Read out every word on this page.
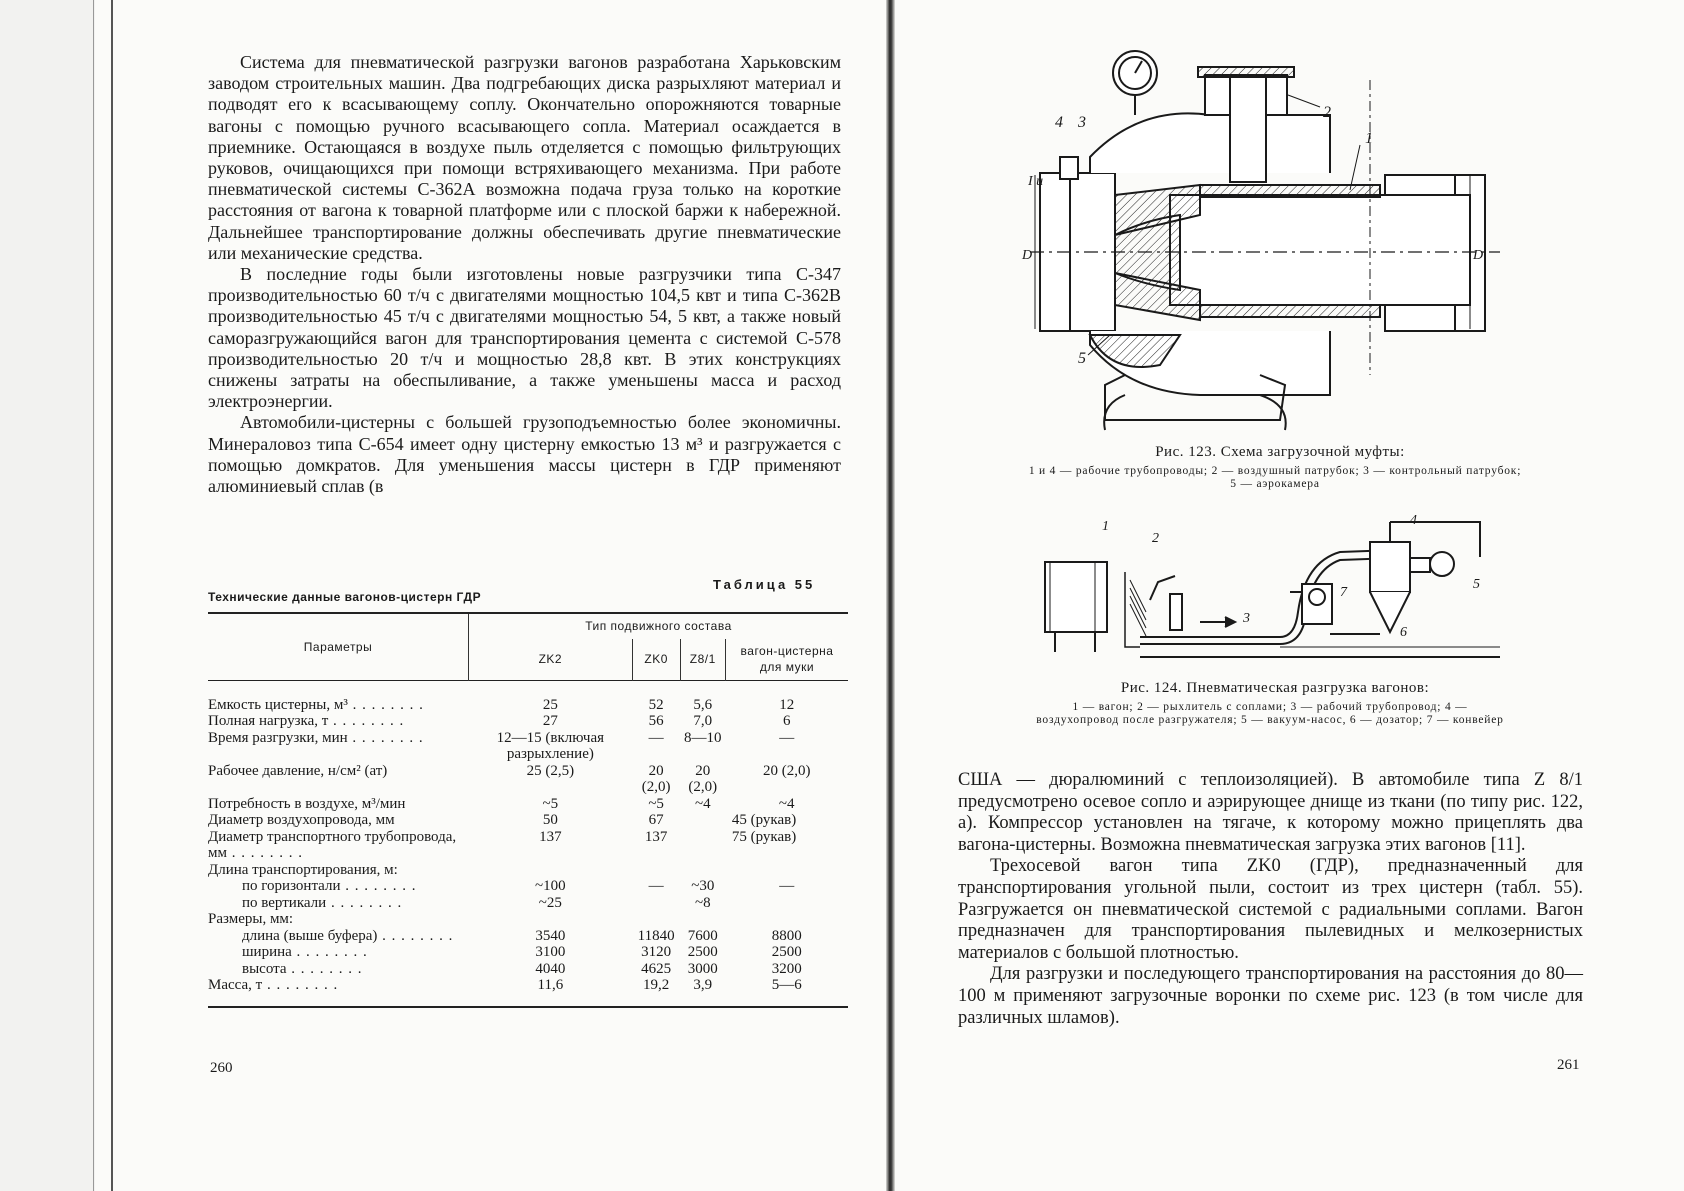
Система для пневматической разгрузки вагонов разработана Харьковским заводом строительных машин. Два подгребающих диска разрыхляют материал и подводят его к всасывающему соплу. Окончательно опорожняются товарные вагоны с помощью ручного всасывающего сопла. Материал осаждается в приемнике. Остающаяся в воздухе пыль отделяется с помощью фильтрующих руковов, очищающихся при помощи встряхивающего механизма. При работе пневматической системы С-362А возможна подача груза только на короткие расстояния от вагона к товарной платформе или с плоской баржи к набережной. Дальнейшее транспортирование должны обеспечивать другие пневматические или механические средства.

В последние годы были изготовлены новые разгрузчики типа С-347 производительностью 60 т/ч с двигателями мощностью 104,5 квт и типа С-362В производительностью 45 т/ч с двигателями мощностью 54, 5 квт, а также новый саморазгружающийся вагон для транспортирования цемента с системой С-578 производительностью 20 т/ч и мощностью 28,8 квт. В этих конструкциях снижены затраты на обеспыливание, а также уменьшены масса и расход электроэнергии.

Автомобили-цистерны с большей грузоподъемностью более экономичны. Минераловоз типа С-654 имеет одну цистерну емкостью 13 м³ и разгружается с помощью домкратов. Для уменьшения массы цистерн в ГДР применяют алюминиевый сплав (в

Таблица 55
Технические данные вагонов-цистерн ГДР
Параметры	Тип подвижного состава			
	ZK2	ZK0	Z8/1	вагон-цистерна для муки
Емкость цистерны, м³ . . .	25	52	5,6	12
Полная нагрузка, т . . .	27	56	7,0	6
Время разгрузки, мин . . .	12—15 (включая разрыхление)	—	8—10	—
Рабочее давление, н/см² (ат)	25 (2,5)	20 (2,0)	20 (2,0)	20 (2,0)
Потребность в воздухе, м³/мин	~5	~5	~4	~4
Диаметр воздухопровода, мм	50	67	45 (рукав)	
Диаметр транспортного трубопровода, мм . . .	137	137	75 (рукав)	
Длина транспортирования, м:				
по горизонтали . . .	~100	—	~30	—
по вертикали . . .	~25		~8	
Размеры, мм:				
длина (выше буфера) . . .	3540	11840	7600	8800
ширина . . .	3100	3120	2500	2500
высота . . .	4040	4625	3000	3200
Масса, т . . .	11,6	19,2	3,9	5—6
260
4 3
2
1
5
I и
D	D
Рис. 123. Схема загрузочной муфты:
1 и 4 — рабочие трубопроводы; 2 — воздушный патрубок; 3 — контрольный патрубок; 5 — аэрокамера
1
2
3
4
5
6
7
Рис. 124. Пневматическая разгрузка вагонов:
1 — вагон; 2 — рыхлитель с соплами; 3 — рабочий трубопровод; 4 — воздухопровод после разгружателя; 5 — вакуум-насос, 6 — дозатор; 7 — конвейер

США — дюралюминий с теплоизоляцией). В автомобиле типа Z 8/1 предусмотрено осевое сопло и аэрирующее днище из ткани (по типу рис. 122, а). Компрессор установлен на тягаче, к которому можно прицеплять два вагона-цистерны. Возможна пневматическая загрузка этих вагонов [11].

Трехосевой вагон типа ZK0 (ГДР), предназначенный для транспортирования угольной пыли, состоит из трех цистерн (табл. 55). Разгружается он пневматической системой с радиальными соплами. Вагон предназначен для транспортирования пылевидных и мелкозернистых материалов с большой плотностью.

Для разгрузки и последующего транспортирования на расстояния до 80—100 м применяют загрузочные воронки по схеме рис. 123 (в том числе для различных шламов).

261
